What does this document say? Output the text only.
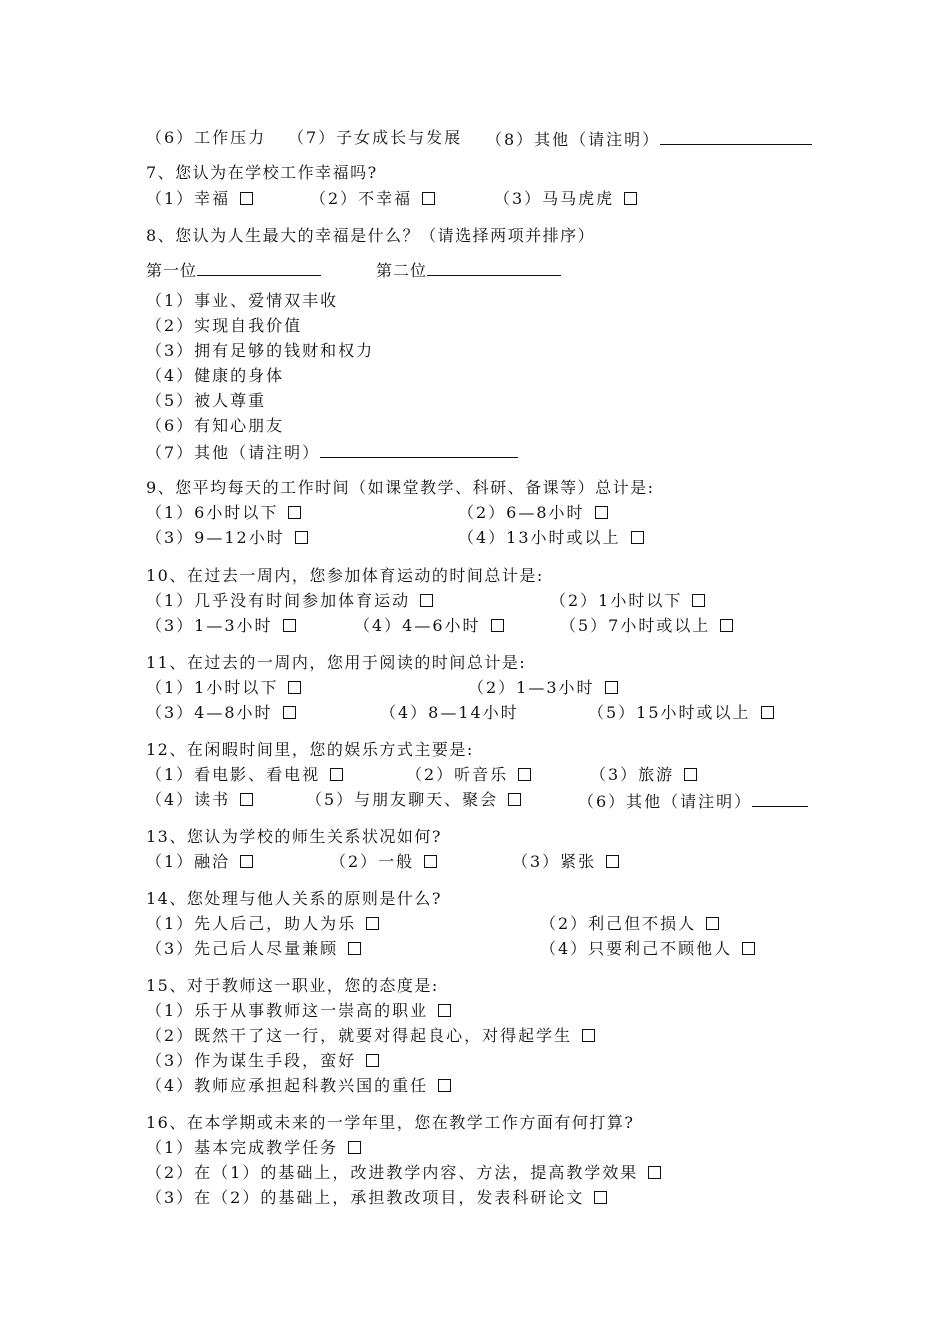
（6）工作压力 （7）子女成长与发展 （8）其他（请注明）
7、您认为在学校工作幸福吗?
（1）幸福	（2）不幸福	（3）马马虎虎
8、您认为人生最大的幸福是什么？（请选择两项并排序）
第一位	第二位
（1）事业、爱情双丰收
（2）实现自我价值
（3）拥有足够的钱财和权力
（4）健康的身体
（5）被人尊重
（6）有知心朋友
（7）其他（请注明）
9、您平均每天的工作时间（如课堂教学、科研、备课等）总计是:
（1）6小时以下	（2）6—8小时
（3）9—12小时	（4）13小时或以上
10、在过去一周内，您参加体育运动的时间总计是:
（1）几乎没有时间参加体育运动	（2）1小时以下
（3）1—3小时	（4）4—6小时	（5）7小时或以上
11、在过去的一周内，您用于阅读的时间总计是:
（1）1小时以下	（2）1—3小时
（3）4—8小时	（4）8—14小时	（5）15小时或以上
12、在闲暇时间里，您的娱乐方式主要是:
（1）看电影、看电视	（2）听音乐	（3）旅游
（4）读书	（5）与朋友聊天、聚会	（6）其他（请注明）
13、您认为学校的师生关系状况如何?
（1）融洽	（2）一般	（3）紧张
14、您处理与他人关系的原则是什么?
（1）先人后己，助人为乐	（2）利己但不损人
（3）先己后人尽量兼顾	（4）只要利己不顾他人
15、对于教师这一职业，您的态度是:
（1）乐于从事教师这一崇高的职业
（2）既然干了这一行，就要对得起良心，对得起学生
（3）作为谋生手段，蛮好
（4）教师应承担起科教兴国的重任
16、在本学期或未来的一学年里，您在教学工作方面有何打算?
（1）基本完成教学任务
（2）在（1）的基础上，改进教学内容、方法，提高教学效果
（3）在（2）的基础上，承担教改项目，发表科研论文
